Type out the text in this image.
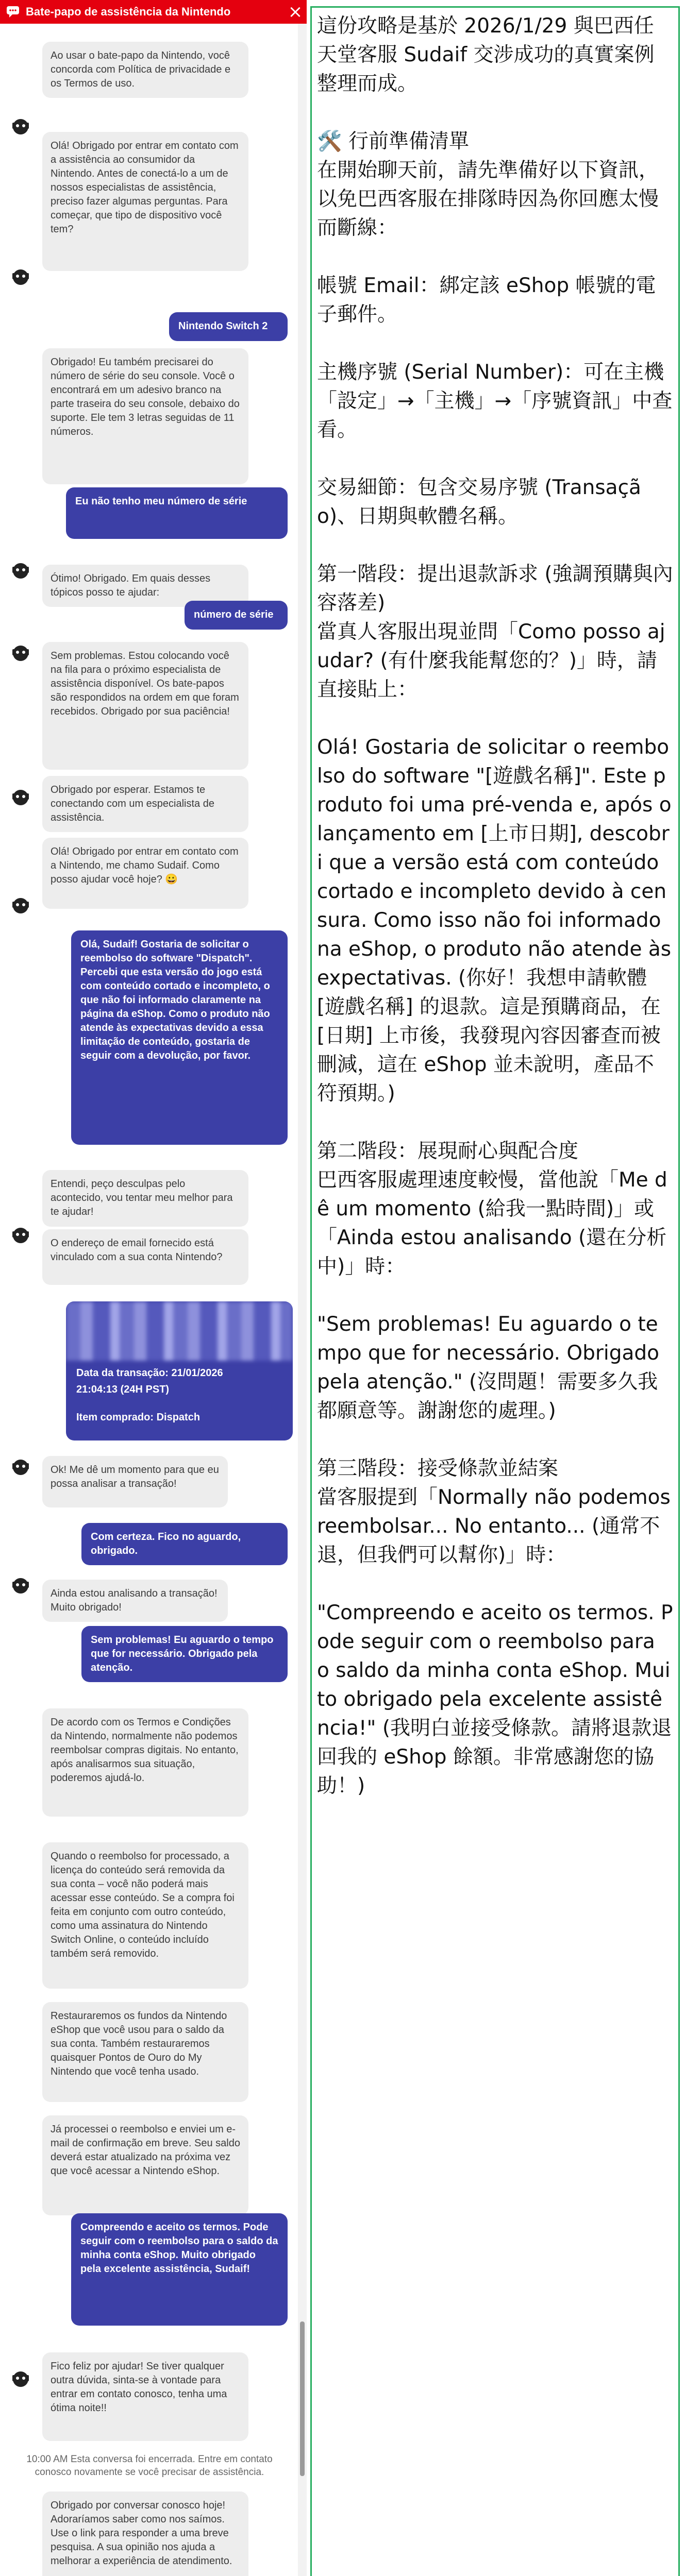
Bate-papo de assistência da Nintendo	×
Ao usar o bate-papo da Nintendo, você concorda com Política de privacidade e os Termos de uso.
Olá! Obrigado por entrar em contato com a assistência ao consumidor da Nintendo. Antes de conectá-lo a um de nossos especialistas de assistência, preciso fazer algumas perguntas. Para começar, que tipo de dispositivo você tem?
Nintendo Switch 2
Obrigado! Eu também precisarei do número de série do seu console. Você o encontrará em um adesivo branco na parte traseira do seu console, debaixo do suporte. Ele tem 3 letras seguidas de 11 números.
Eu não tenho meu número de série
Ótimo! Obrigado. Em quais desses tópicos posso te ajudar:
número de série
Sem problemas. Estou colocando você na fila para o próximo especialista de assistência disponível. Os bate-papos são respondidos na ordem em que foram recebidos. Obrigado por sua paciência!
Obrigado por esperar. Estamos te conectando com um especialista de assistência.
Olá! Obrigado por entrar em contato com a Nintendo, me chamo Sudaif. Como posso ajudar você hoje? 😀
Olá, Sudaif! Gostaria de solicitar o reembolso do software "Dispatch". Percebi que esta versão do jogo está com conteúdo cortado e incompleto, o que não foi informado claramente na página da eShop. Como o produto não atende às expectativas devido a essa limitação de conteúdo, gostaria de seguir com a devolução, por favor.
Entendi, peço desculpas pelo acontecido, vou tentar meu melhor para te ajudar!
O endereço de email fornecido está vinculado com a sua conta Nintendo?
Ok! Me dê um momento para que eu possa analisar a transação!
Com certeza. Fico no aguardo, obrigado.
Ainda estou analisando a transação! Muito obrigado!
Sem problemas! Eu aguardo o tempo que for necessário. Obrigado pela atenção.
De acordo com os Termos e Condições da Nintendo, normalmente não podemos reembolsar compras digitais. No entanto, após analisarmos sua situação, poderemos ajudá-lo.
Quando o reembolso for processado, a licença do conteúdo será removida da sua conta – você não poderá mais acessar esse conteúdo. Se a compra foi feita em conjunto com outro conteúdo, como uma assinatura do Nintendo Switch Online, o conteúdo incluído também será removido.
Restauraremos os fundos da Nintendo eShop que você usou para o saldo da sua conta. Também restauraremos quaisquer Pontos de Ouro do My Nintendo que você tenha usado.
Já processei o reembolso e enviei um e-mail de confirmação em breve. Seu saldo deverá estar atualizado na próxima vez que você acessar a Nintendo eShop.
Compreendo e aceito os termos. Pode seguir com o reembolso para o saldo da minha conta eShop. Muito obrigado pela excelente assistência, Sudaif!
Fico feliz por ajudar! Se tiver qualquer outra dúvida, sinta-se à vontade para entrar em contato conosco, tenha uma ótima noite!!
Obrigado por conversar conosco hoje! Adoraríamos saber como nos saímos. Use o link para responder a uma breve pesquisa. A sua opinião nos ajuda a melhorar a experiência de atendimento.
Data da transação: 21/01/2026
21:04:13 (24H PST)
Item comprado: Dispatch
10:00 AM Esta conversa foi encerrada. Entre em contato conosco novamente se você precisar de assistência.

這份攻略是基於 2026/1/29 與巴西任天堂客服 Sudaif 交涉成功的真實案例整理而成。

🛠️ 行前準備清單

在開始聊天前，請先準備好以下資訊，以免巴西客服在排隊時因為你回應太慢而斷線：

帳號 Email：綁定該 eShop 帳號的電子郵件。

主機序號 (Serial Number)：可在主機「設定」→「主機」→「序號資訊」中查看。

交易細節：包含交易序號 (Transação)、日期與軟體名稱。

第一階段：提出退款訴求 (強調預購與內容落差)

當真人客服出現並問「Como posso ajudar? (有什麼我能幫您的？)」時，請直接貼上：

Olá! Gostaria de solicitar o reembolso do software "[遊戲名稱]". Este produto foi uma pré-venda e, após o lançamento em [上市日期], descobri que a versão está com conteúdo cortado e incompleto devido à censura. Como isso não foi informado na eShop, o produto não atende às expectativas. (你好！我想申請軟體 [遊戲名稱] 的退款。這是預購商品，在 [日期] 上市後，我發現內容因審查而被刪減，這在 eShop 並未說明，產品不符預期。)

第二階段：展現耐心與配合度

巴西客服處理速度較慢，當他說「Me dê um momento (給我一點時間)」或「Ainda estou analisando (還在分析中)」時：

"Sem problemas! Eu aguardo o tempo que for necessário. Obrigado pela atenção." (沒問題！需要多久我都願意等。謝謝您的處理。)

第三階段：接受條款並結案

當客服提到「Normally não podemos reembolsar... No entanto... (通常不退，但我們可以幫你)」時：

"Compreendo e aceito os termos. Pode seguir com o reembolso para o saldo da minha conta eShop. Muito obrigado pela excelente assistência!" (我明白並接受條款。請將退款退回我的 eShop 餘額。非常感謝您的協助！)
